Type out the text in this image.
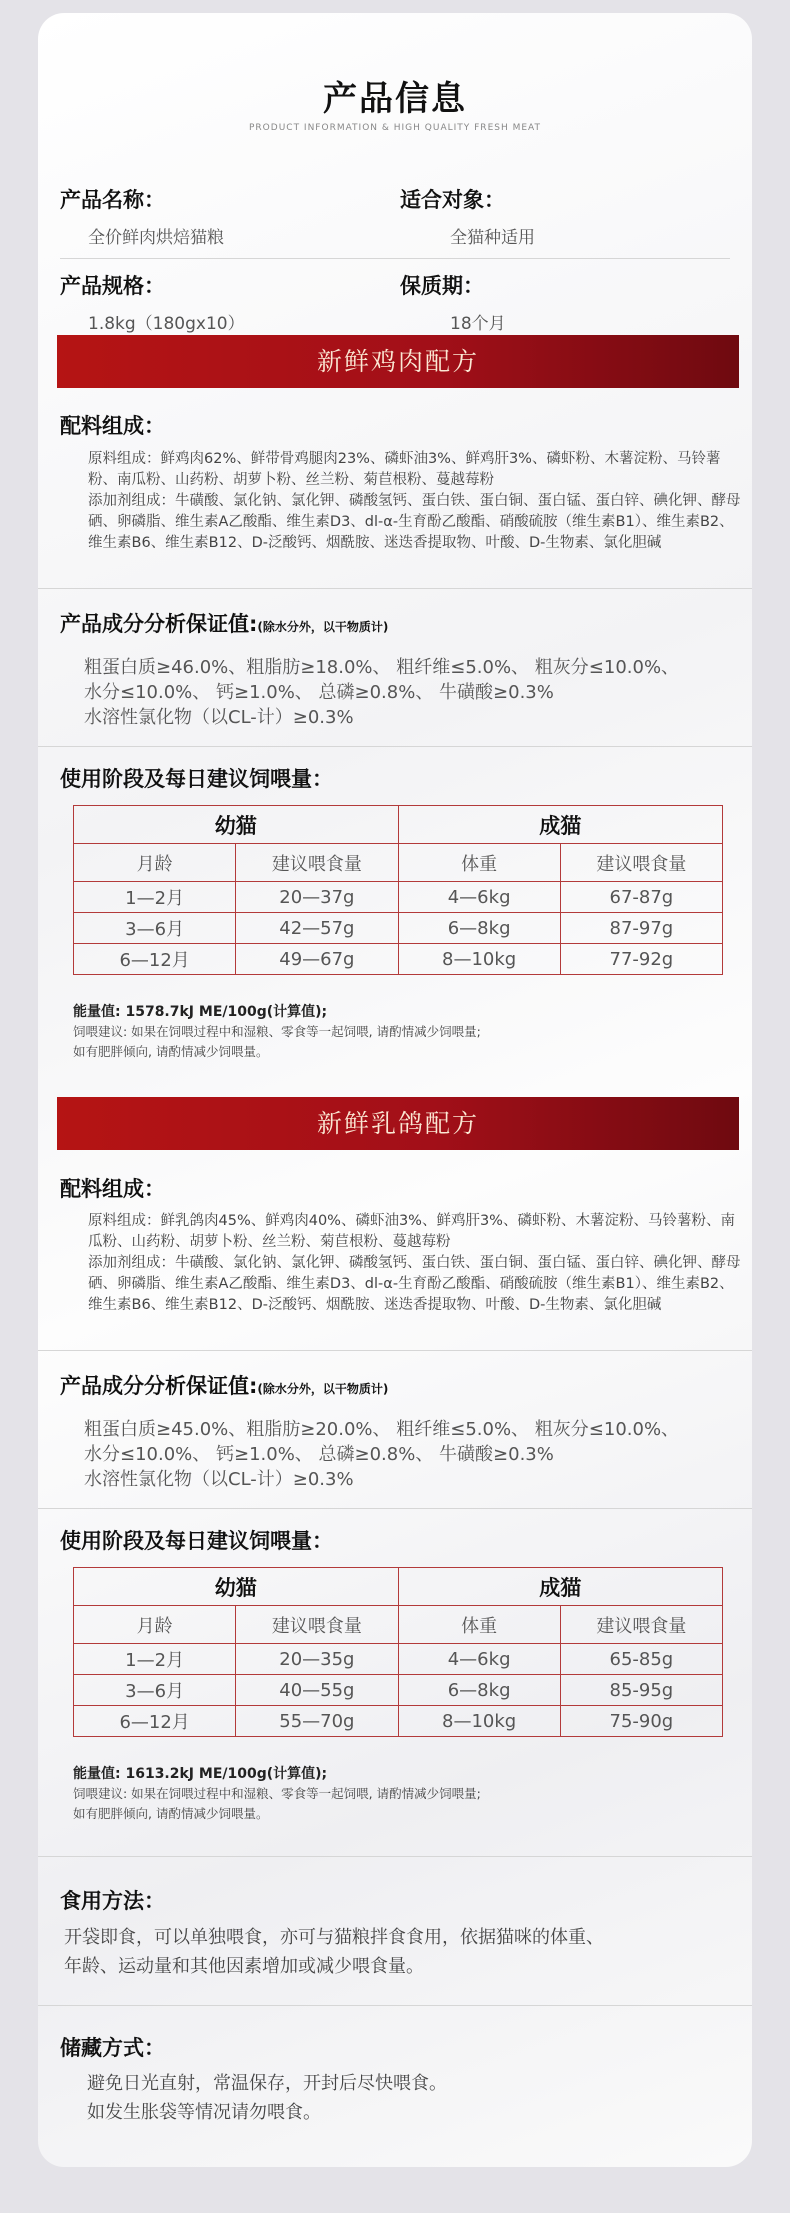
产品信息
PRODUCT INFORMATION & HIGH QUALITY FRESH MEAT
产品名称：
全价鲜肉烘焙猫粮
适合对象：
全猫种适用
产品规格：
1.8kg（180gx10）
保质期：
18个月
新鲜鸡肉配方
配料组成：
原料组成：鲜鸡肉62%、鲜带骨鸡腿肉23%、磷虾油3%、鲜鸡肝3%、磷虾粉、木薯淀粉、马铃薯粉、南瓜粉、山药粉、胡萝卜粉、丝兰粉、菊苣根粉、蔓越莓粉
添加剂组成：牛磺酸、氯化钠、氯化钾、磷酸氢钙、蛋白铁、蛋白铜、蛋白锰、蛋白锌、碘化钾、酵母硒、卵磷脂、维生素A乙酸酯、维生素D3、dl-α-生育酚乙酸酯、硝酸硫胺（维生素B1）、维生素B2、维生素B6、维生素B12、D-泛酸钙、烟酰胺、迷迭香提取物、叶酸、D-生物素、氯化胆碱
产品成分分析保证值:(除水分外，以干物质计)
粗蛋白质≥46.0%、粗脂肪≥18.0%、 粗纤维≤5.0%、 粗灰分≤10.0%、
水分≤10.0%、 钙≥1.0%、 总磷≥0.8%、 牛磺酸≥0.3%
水溶性氯化物（以CL-计）≥0.3%
使用阶段及每日建议饲喂量：
幼猫		成猫	
月龄	建议喂食量	体重	建议喂食量
1—2月	20—37g	4—6kg	67-87g
3—6月	42—57g	6—8kg	87-97g
6—12月	49—67g	8—10kg	77-92g
能量值: 1578.7kJ ME/100g(计算值);
饲喂建议: 如果在饲喂过程中和湿粮、零食等一起饲喂, 请酌情减少饲喂量;
如有肥胖倾向, 请酌情减少饲喂量。
新鲜乳鸽配方
配料组成：
原料组成：鲜乳鸽肉45%、鲜鸡肉40%、磷虾油3%、鲜鸡肝3%、磷虾粉、木薯淀粉、马铃薯粉、南瓜粉、山药粉、胡萝卜粉、丝兰粉、菊苣根粉、蔓越莓粉
添加剂组成：牛磺酸、氯化钠、氯化钾、磷酸氢钙、蛋白铁、蛋白铜、蛋白锰、蛋白锌、碘化钾、酵母硒、卵磷脂、维生素A乙酸酯、维生素D3、dl-α-生育酚乙酸酯、硝酸硫胺（维生素B1）、维生素B2、维生素B6、维生素B12、D-泛酸钙、烟酰胺、迷迭香提取物、叶酸、D-生物素、氯化胆碱
产品成分分析保证值:(除水分外，以干物质计)
粗蛋白质≥45.0%、粗脂肪≥20.0%、 粗纤维≤5.0%、 粗灰分≤10.0%、
水分≤10.0%、 钙≥1.0%、 总磷≥0.8%、 牛磺酸≥0.3%
水溶性氯化物（以CL-计）≥0.3%
使用阶段及每日建议饲喂量：
幼猫		成猫	
月龄	建议喂食量	体重	建议喂食量
1—2月	20—35g	4—6kg	65-85g
3—6月	40—55g	6—8kg	85-95g
6—12月	55—70g	8—10kg	75-90g
能量值: 1613.2kJ ME/100g(计算值);
饲喂建议: 如果在饲喂过程中和湿粮、零食等一起饲喂, 请酌情减少饲喂量;
如有肥胖倾向, 请酌情减少饲喂量。
食用方法：
开袋即食，可以单独喂食，亦可与猫粮拌食食用，依据猫咪的体重、
年龄、运动量和其他因素增加或减少喂食量。
储藏方式：
避免日光直射，常温保存，开封后尽快喂食。
如发生胀袋等情况请勿喂食。
